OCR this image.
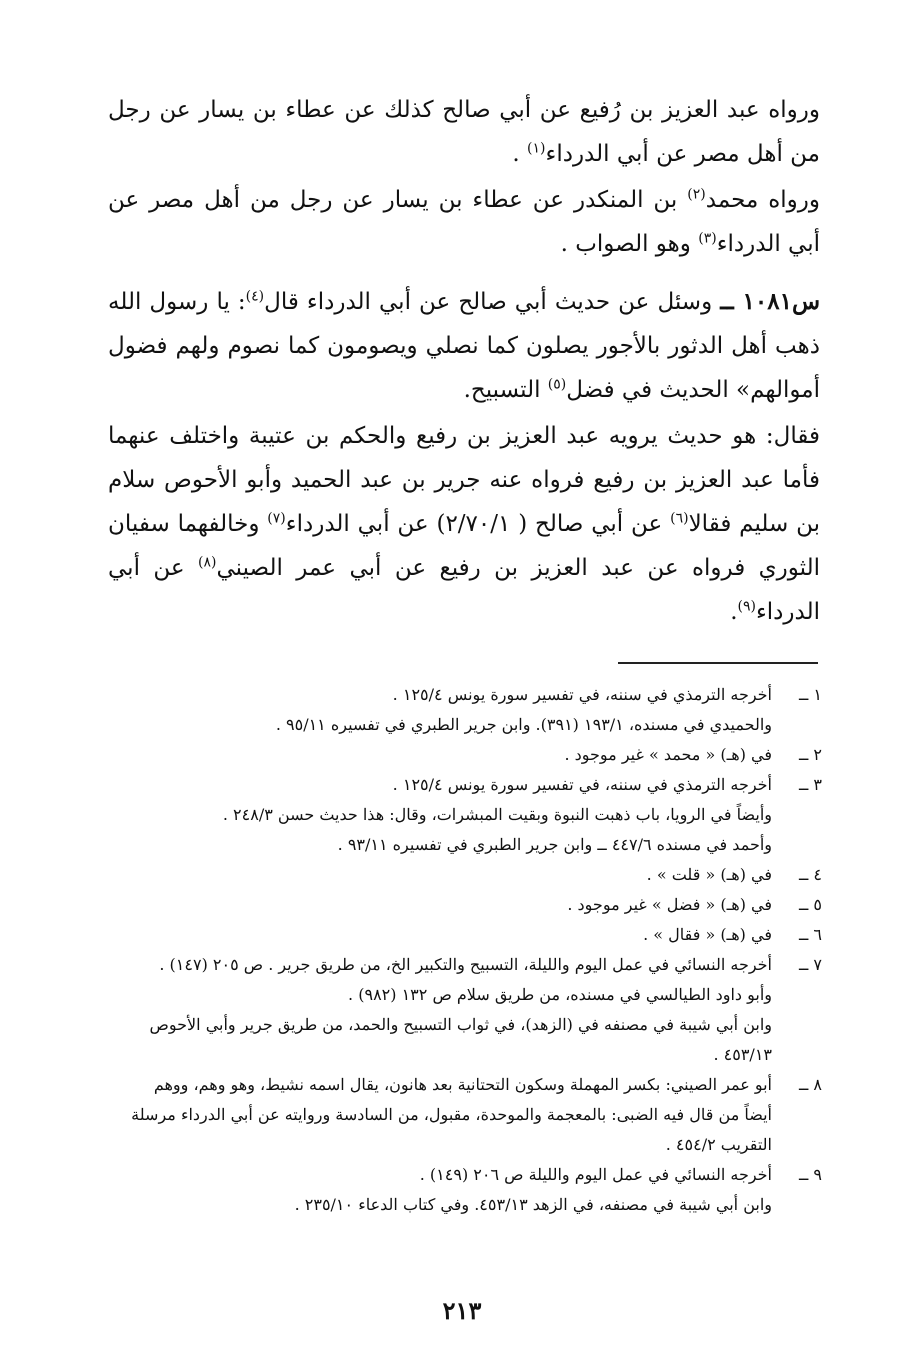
ورواه عبد العزيز بن رُفيع عن أبي صالح كذلك عن عطاء بن يسار عن رجل من أهل مصر عن أبي الدرداء$^{(١)}$ .

ورواه محمد$^{(٢)}$ بن المنكدر عن عطاء بن يسار عن رجل من أهل مصر عن أبي الدرداء$^{(٣)}$ وهو الصواب .

س١٠٨١ ــ وسئل عن حديث أبي صالح عن أبي الدرداء قال$^{(٤)}$: يا رسول الله ذهب أهل الدثور بالأجور يصلون كما نصلي ويصومون كما نصوم ولهم فضول أموالهم» الحديث في فضل$^{(٥)}$ التسبيح.

فقال: هو حديث يرويه عبد العزيز بن رفيع والحكم بن عتيبة واختلف عنهما فأما عبد العزيز بن رفيع فرواه عنه جرير بن عبد الحميد وأبو الأحوص سلام بن سليم فقالا$^{(٦)}$ عن أبي صالح ( ٢/٧٠/١) عن أبي الدرداء$^{(٧)}$ وخالفهما سفيان الثوري فرواه عن عبد العزيز بن رفيع عن أبي عمر الصيني$^{(٨)}$ عن أبي الدرداء$^{(٩)}$.

١ ــ
أخرجه الترمذي في سننه، في تفسير سورة يونس ١٢٥/٤ .
والحميدي في مسنده، ١٩٣/١ (٣٩١). وابن جرير الطبري في تفسيره ٩٥/١١ .
٢ ــ
في (هـ) « محمد » غير موجود .
٣ ــ
أخرجه الترمذي في سننه، في تفسير سورة يونس ١٢٥/٤ .
وأيضاً في الرويا، باب ذهبت النبوة وبقيت المبشرات، وقال: هذا حديث حسن ٢٤٨/٣ .
وأحمد في مسنده ٤٤٧/٦ ــ وابن جرير الطبري في تفسيره ٩٣/١١ .
٤ ــ
في (هـ) « قلت » .
٥ ــ
في (هـ) « فضل » غير موجود .
٦ ــ
في (هـ) « فقال » .
٧ ــ
أخرجه النسائي في عمل اليوم والليلة، التسبيح والتكبير الخ، من طريق جرير . ص ٢٠٥ (١٤٧) .
وأبو داود الطيالسي في مسنده، من طريق سلام ص ١٣٢ (٩٨٢) .
وابن أبي شيبة في مصنفه في (الزهد)، في ثواب التسبيح والحمد، من طريق جرير وأبي الأحوص
٤٥٣/١٣ .
٨ ــ
أبو عمر الصيني: بكسر المهملة وسكون التحتانية بعد هانون، يقال اسمه نشيط، وهو وهم، ووهم
أيضاً من قال فيه الضبى: بالمعجمة والموحدة، مقبول، من السادسة وروايته عن أبي الدرداء مرسلة
التقريب ٤٥٤/٢ .
٩ ــ
أخرجه النسائي في عمل اليوم والليلة ص ٢٠٦ (١٤٩) .
وابن أبي شيبة في مصنفه، في الزهد ٤٥٣/١٣. وفي كتاب الدعاء ٢٣٥/١٠ .
٢١٣
